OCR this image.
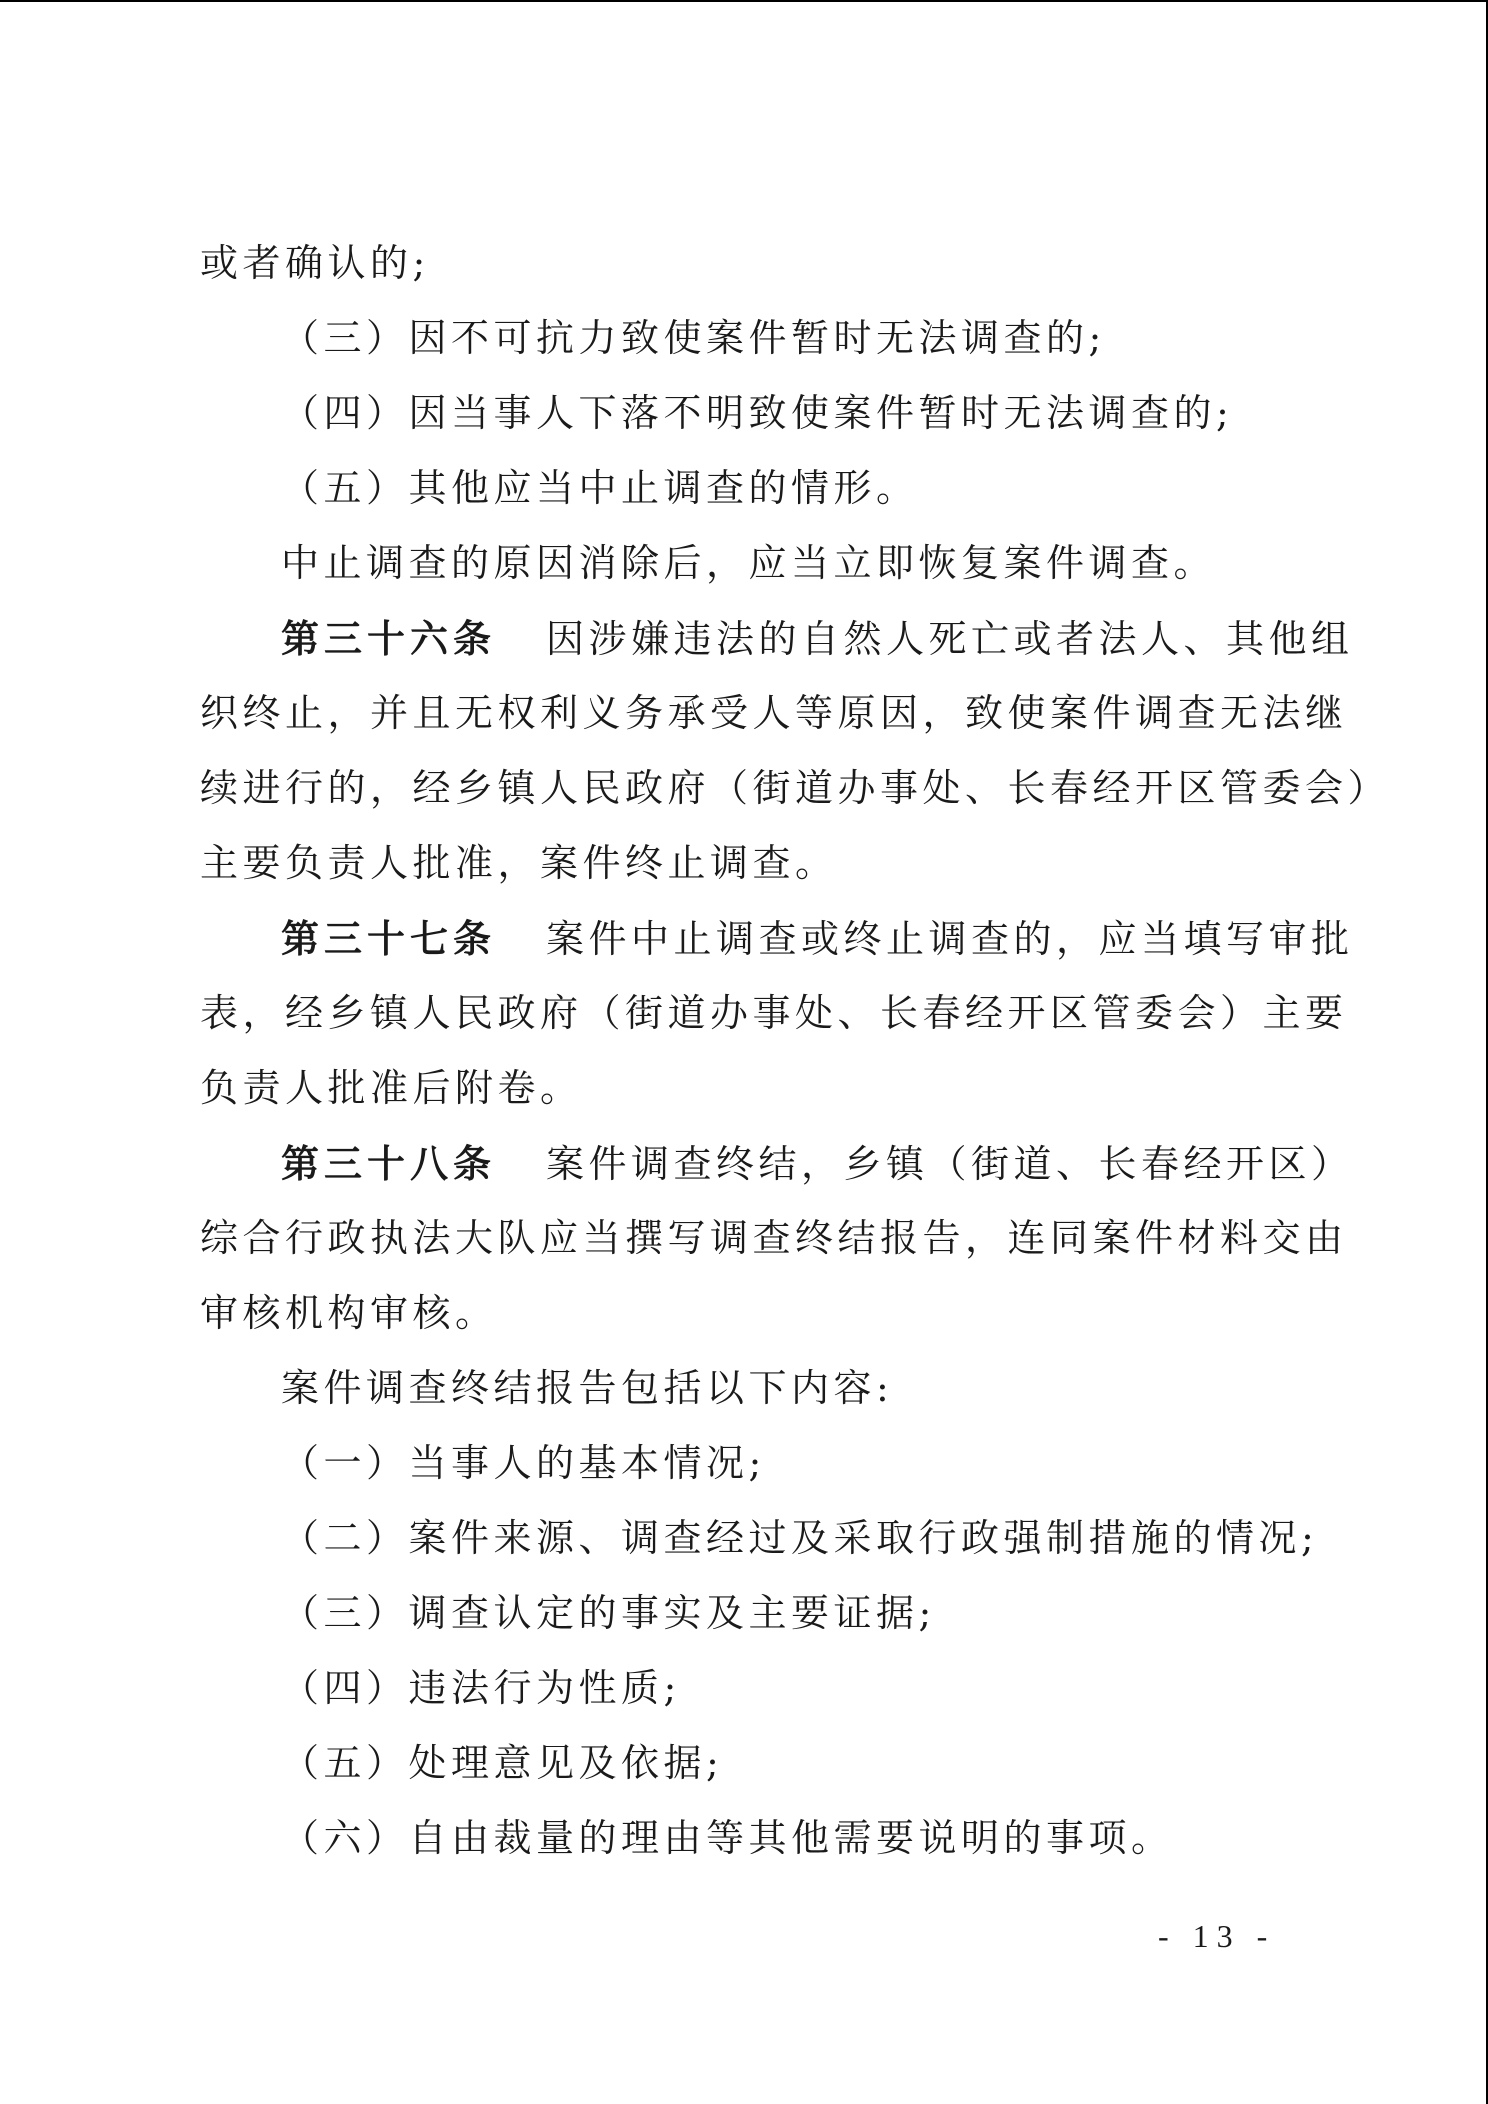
或者确认的;
（三）因不可抗力致使案件暂时无法调查的;
（四）因当事人下落不明致使案件暂时无法调查的;
（五）其他应当中止调查的情形。
中止调查的原因消除后，应当立即恢复案件调查。
第三十六条 因涉嫌违法的自然人死亡或者法人、其他组
织终止，并且无权利义务承受人等原因，致使案件调查无法继
续进行的，经乡镇人民政府（街道办事处、长春经开区管委会）
主要负责人批准，案件终止调查。
第三十七条 案件中止调查或终止调查的，应当填写审批
表，经乡镇人民政府（街道办事处、长春经开区管委会）主要
负责人批准后附卷。
第三十八条 案件调查终结，乡镇（街道、长春经开区）
综合行政执法大队应当撰写调查终结报告，连同案件材料交由
审核机构审核。
案件调查终结报告包括以下内容:
（一）当事人的基本情况;
（二）案件来源、调查经过及采取行政强制措施的情况;
（三）调查认定的事实及主要证据;
（四）违法行为性质;
（五）处理意见及依据;
（六）自由裁量的理由等其他需要说明的事项。
- 13 -
